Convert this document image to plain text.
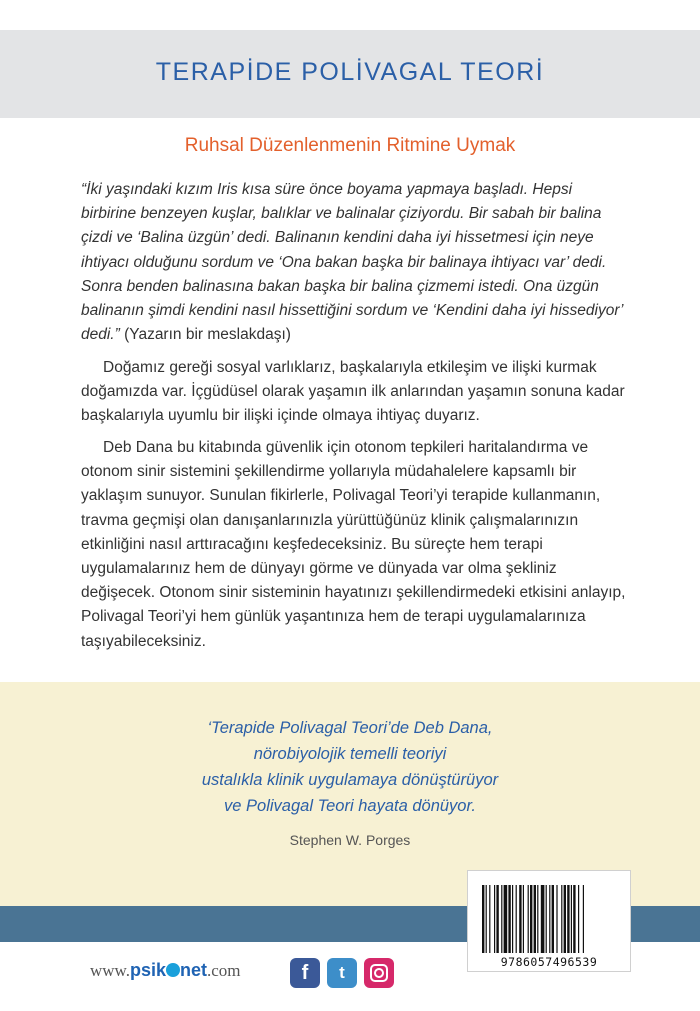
TERAPİDE POLİVAGAL TEORİ
Ruhsal Düzenlenmenin Ritmine Uymak
“İki yaşındaki kızım Iris kısa süre önce boyama yapmaya başladı. Hepsi birbirine benzeyen kuşlar, balıklar ve balinalar çiziyordu. Bir sabah bir balina çizdi ve ‘Balina üzgün’ dedi. Balinanın kendini daha iyi hissetmesi için neye ihtiyacı olduğunu sordum ve ‘Ona bakan başka bir balinaya ihtiyacı var’ dedi. Sonra benden balinasına bakan başka bir balina çizmemi istedi. Ona üzgün balinanın şimdi kendini nasıl hissettiğini sordum ve ‘Kendini daha iyi hissediyor’ dedi.” (Yazarın bir meslakdaşı)
Doğamız gereği sosyal varlıklarız, başkalarıyla etkileşim ve ilişki kurmak doğamızda var. İçgüdüsel olarak yaşamın ilk anlarından yaşamın sonuna kadar başkalarıyla uyumlu bir ilişki içinde olmaya ihtiyaç duyarız.
Deb Dana bu kitabında güvenlik için otonom tepkileri haritalandırma ve otonom sinir sistemini şekillendirme yollarıyla müdahalelere kapsamlı bir yaklaşım sunuyor. Sunulan fikirlerle, Polivagal Teori’yi terapide kullanmanın, travma geçmişi olan danışanlarınızla yürüttüğünüz klinik çalışmalarınızın etkinliğini nasıl arttıracağını keşfedeceksiniz. Bu süreçte hem terapi uygulamalarınız hem de dünyayı görme ve dünyada var olma şekliniz değişecek. Otonom sinir sisteminin hayatınızı şekillendirmedeki etkisini anlayıp, Polivagal Teori’yi hem günlük yaşantınıza hem de terapi uygulamalarınıza taşıyabileceksiniz.
‘Terapide Polivagal Teori’de Deb Dana,
nörobiyolojik temelli teoriyi
ustalıkla klinik uygulamaya dönüştürüyor
ve Polivagal Teori hayata dönüyor.
Stephen W. Porges
9786057496539
www.psik net.com	f	t
